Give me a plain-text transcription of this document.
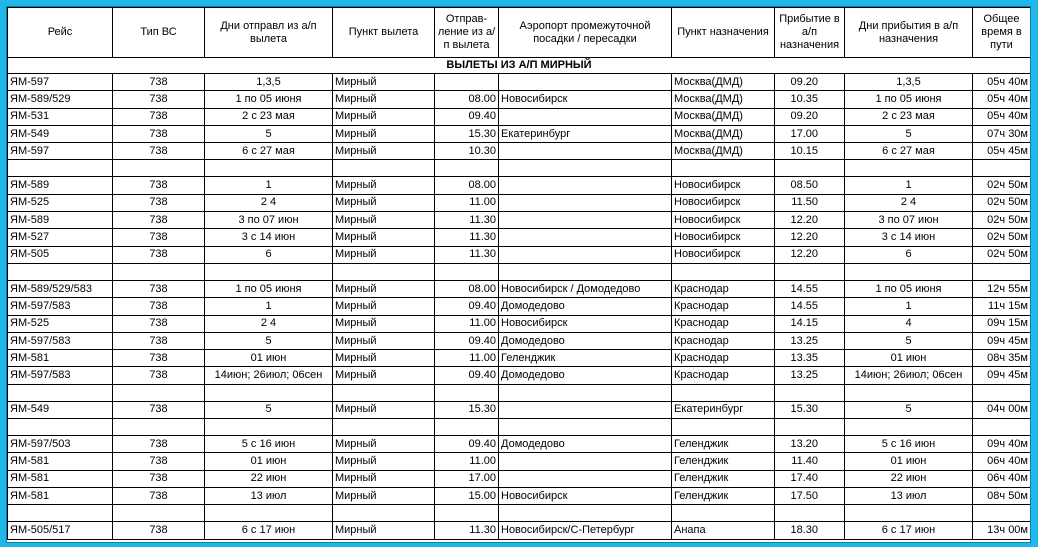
Рейс	Тип ВС	Дни отправл из а/п вылета	Пункт вылета	Отправ-ление из а/п вылета	Аэропорт промежуточной посадки / пересадки	Пункт назначения	Прибытие в а/п назначения	Дни прибытия в а/п назначения	Общее время в пути
ВЫЛЕТЫ ИЗ А/П МИРНЫЙ									
ЯМ-597	738	1,3,5	Мирный			Москва(ДМД)	09.20	1,3,5	05ч 40м
ЯМ-589/529	738	1 по 05 июня	Мирный	08.00	Новосибирск	Москва(ДМД)	10.35	1 по 05 июня	05ч 40м
ЯМ-531	738	2 с 23 мая	Мирный	09.40		Москва(ДМД)	09.20	2 с 23 мая	05ч 40м
ЯМ-549	738	5	Мирный	15.30	Екатеринбург	Москва(ДМД)	17.00	5	07ч 30м
ЯМ-597	738	6 с 27 мая	Мирный	10.30		Москва(ДМД)	10.15	6 с 27 мая	05ч 45м

ЯМ-589	738	1	Мирный	08.00		Новосибирск	08.50	1	02ч 50м
ЯМ-525	738	2 4	Мирный	11.00		Новосибирск	11.50	2 4	02ч 50м
ЯМ-589	738	3 по 07 июн	Мирный	11.30		Новосибирск	12.20	3 по 07 июн	02ч 50м
ЯМ-527	738	3 с 14 июн	Мирный	11.30		Новосибирск	12.20	3 с 14 июн	02ч 50м
ЯМ-505	738	6	Мирный	11.30		Новосибирск	12.20	6	02ч 50м

ЯМ-589/529/583	738	1 по 05 июня	Мирный	08.00	Новосибирск / Домодедово	Краснодар	14.55	1 по 05 июня	12ч 55м
ЯМ-597/583	738	1	Мирный	09.40	Домодедово	Краснодар	14.55	1	11ч 15м
ЯМ-525	738	2 4	Мирный	11.00	Новосибирск	Краснодар	14.15	4	09ч 15м
ЯМ-597/583	738	5	Мирный	09.40	Домодедово	Краснодар	13.25	5	09ч 45м
ЯМ-581	738	01 июн	Мирный	11.00	Геленджик	Краснодар	13.35	01 июн	08ч 35м
ЯМ-597/583	738	14июн; 26июл; 06сен	Мирный	09.40	Домодедово	Краснодар	13.25	14июн; 26июл; 06сен	09ч 45м

ЯМ-549	738	5	Мирный	15.30		Екатеринбург	15.30	5	04ч 00м

ЯМ-597/503	738	5 с 16 июн	Мирный	09.40	Домодедово	Геленджик	13.20	5 с 16 июн	09ч 40м
ЯМ-581	738	01 июн	Мирный	11.00		Геленджик	11.40	01 июн	06ч 40м
ЯМ-581	738	22 июн	Мирный	17.00		Геленджик	17.40	22 июн	06ч 40м
ЯМ-581	738	13 июл	Мирный	15.00	Новосибирск	Геленджик	17.50	13 июл	08ч 50м

ЯМ-505/517	738	6 с 17 июн	Мирный	11.30	Новосибирск/С-Петербург	Анапа	18.30	6 с 17 июн	13ч 00м
